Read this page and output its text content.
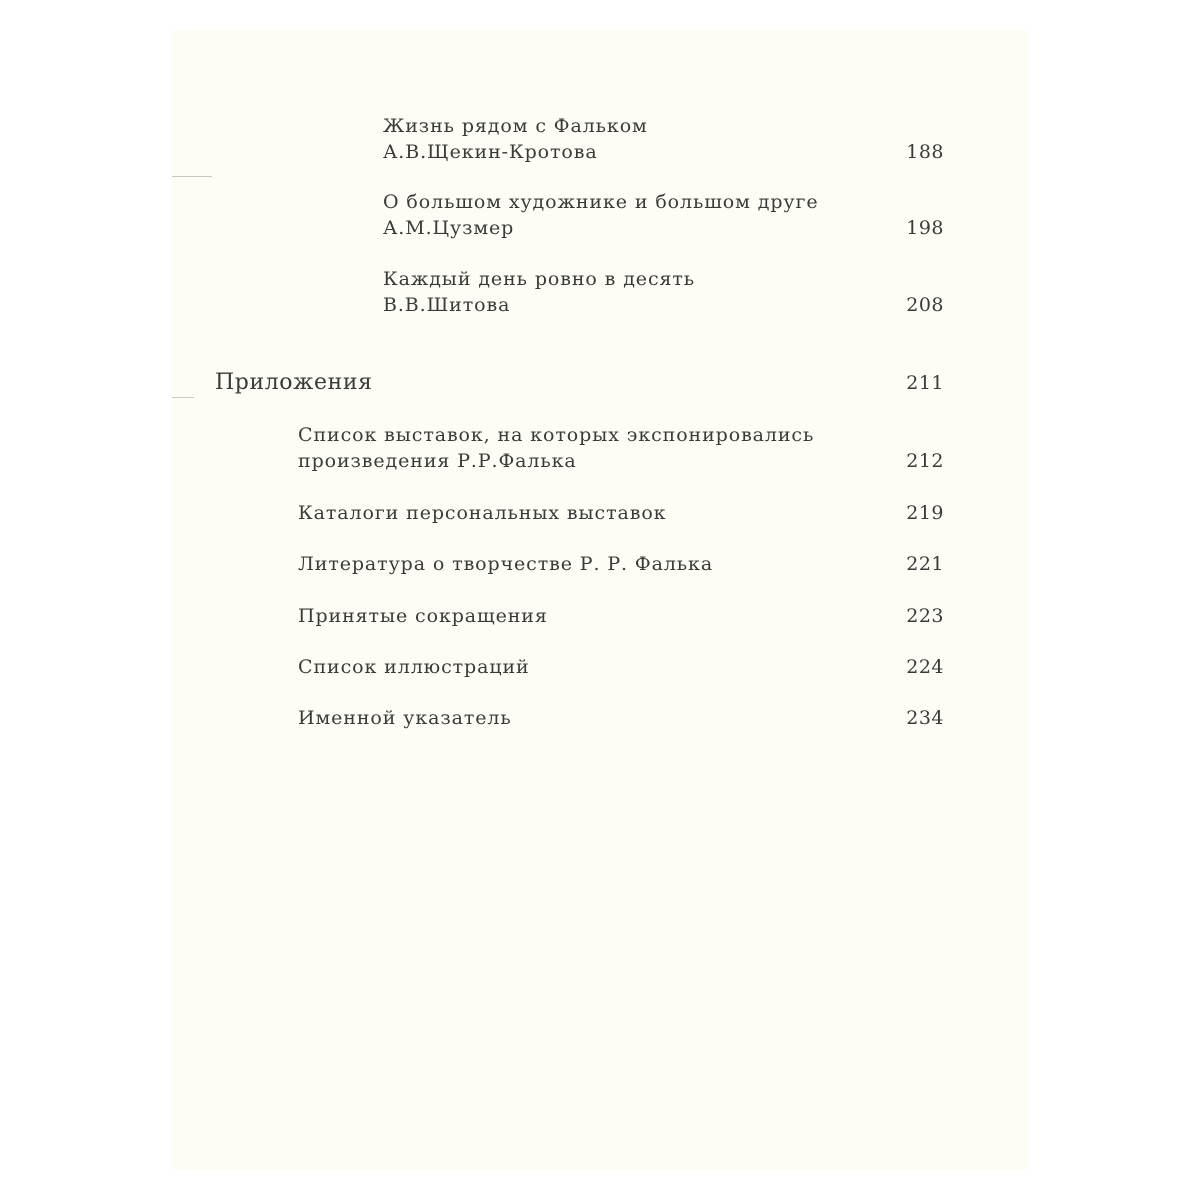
Жизнь рядом с Фальком
А.В.Щекин-Кротова	188
О большом художнике и большом друге
А.М.Цузмер	198
Каждый день ровно в десять
В.В.Шитова	208
Приложения	211
Список выставок, на которых экспонировались
произведения Р.Р.Фалька	212
Каталоги персональных выставок	219
Литература о творчестве Р. Р. Фалька	221
Принятые сокращения	223
Список иллюстраций	224
Именной указатель	234
